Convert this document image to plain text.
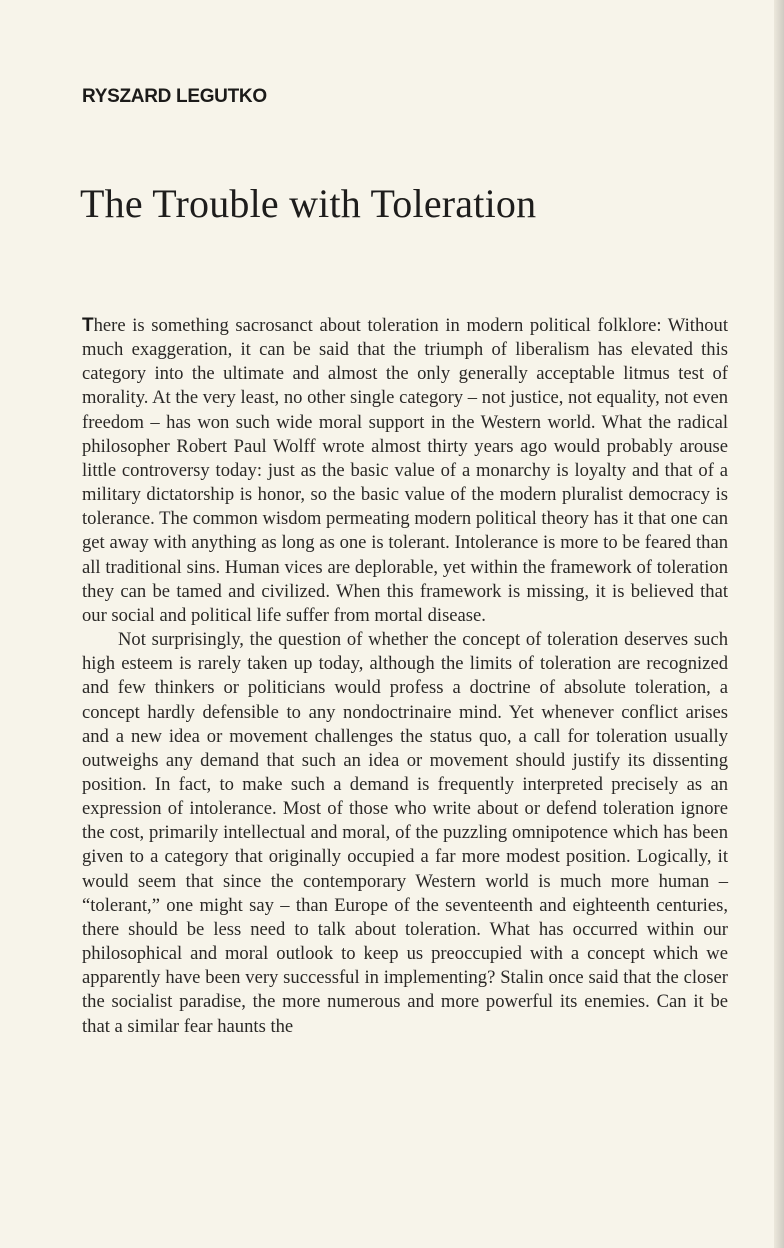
RYSZARD LEGUTKO
The Trouble with Toleration

There is something sacrosanct about toleration in modern political folklore: Without much exaggeration, it can be said that the triumph of liberalism has elevated this category into the ultimate and almost the only generally acceptable litmus test of morality. At the very least, no other single category – not justice, not equality, not even freedom – has won such wide moral support in the Western world. What the radical philosopher Robert Paul Wolff wrote almost thirty years ago would probably arouse little controversy today: just as the basic value of a monarchy is loyalty and that of a military dictatorship is honor, so the basic value of the modern pluralist democracy is tolerance. The common wisdom permeating modern political theory has it that one can get away with anything as long as one is tolerant. Intolerance is more to be feared than all traditional sins. Human vices are deplorable, yet within the framework of toleration they can be tamed and civilized. When this framework is missing, it is believed that our social and political life suffer from mortal disease.

Not surprisingly, the question of whether the concept of toleration deserves such high esteem is rarely taken up today, although the limits of toleration are recognized and few thinkers or politicians would profess a doctrine of absolute toleration, a concept hardly defensible to any nondoctrinaire mind. Yet whenever conflict arises and a new idea or movement challenges the status quo, a call for toleration usually outweighs any demand that such an idea or movement should justify its dissenting position. In fact, to make such a demand is frequently interpreted precisely as an expression of intolerance. Most of those who write about or defend toleration ignore the cost, primarily intellectual and moral, of the puzzling omnipotence which has been given to a category that originally occupied a far more modest position. Logically, it would seem that since the contemporary Western world is much more human – “tolerant,” one might say – than Europe of the seventeenth and eighteenth centuries, there should be less need to talk about toleration. What has occurred within our philosophical and moral outlook to keep us preoccupied with a concept which we apparently have been very successful in implementing? Stalin once said that the closer the socialist paradise, the more numerous and more powerful its enemies. Can it be that a similar fear haunts the
